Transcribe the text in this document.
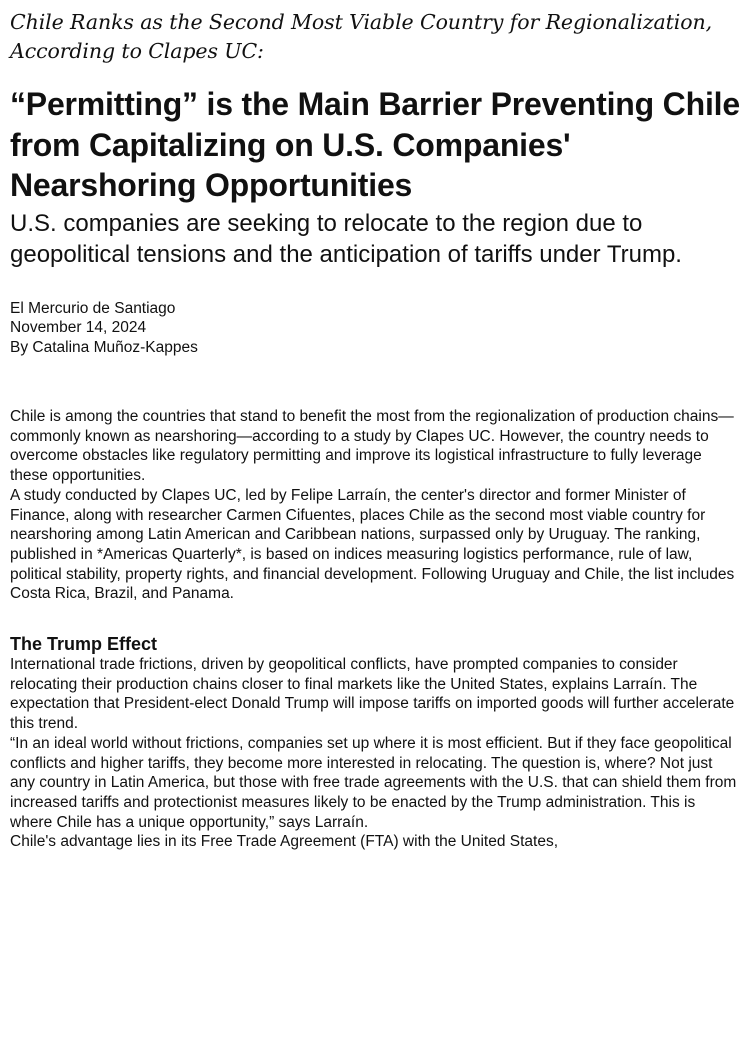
Chile Ranks as the Second Most Viable Country for Regionalization, According to Clapes UC:

“Permitting” is the Main Barrier Preventing Chile from Capitalizing on U.S. Companies' Nearshoring Opportunities

U.S. companies are seeking to relocate to the region due to geopolitical tensions and the anticipation of tariffs under Trump.

El Mercurio de Santiago
November 14, 2024
By Catalina Muñoz-Kappes

Chile is among the countries that stand to benefit the most from the regionalization of production chains—commonly known as nearshoring—according to a study by Clapes UC. However, the country needs to overcome obstacles like regulatory permitting and improve its logistical infrastructure to fully leverage these opportunities.

A study conducted by Clapes UC, led by Felipe Larraín, the center's director and former Minister of Finance, along with researcher Carmen Cifuentes, places Chile as the second most viable country for nearshoring among Latin American and Caribbean nations, surpassed only by Uruguay. The ranking, published in *Americas Quarterly*, is based on indices measuring logistics performance, rule of law, political stability, property rights, and financial development. Following Uruguay and Chile, the list includes Costa Rica, Brazil, and Panama.

The Trump Effect

International trade frictions, driven by geopolitical conflicts, have prompted companies to consider relocating their production chains closer to final markets like the United States, explains Larraín. The expectation that President-elect Donald Trump will impose tariffs on imported goods will further accelerate this trend.

“In an ideal world without frictions, companies set up where it is most efficient. But if they face geopolitical conflicts and higher tariffs, they become more interested in relocating. The question is, where? Not just any country in Latin America, but those with free trade agreements with the U.S. that can shield them from increased tariffs and protectionist measures likely to be enacted by the Trump administration. This is where Chile has a unique opportunity,” says Larraín.

Chile's advantage lies in its Free Trade Agreement (FTA) with the United States,
